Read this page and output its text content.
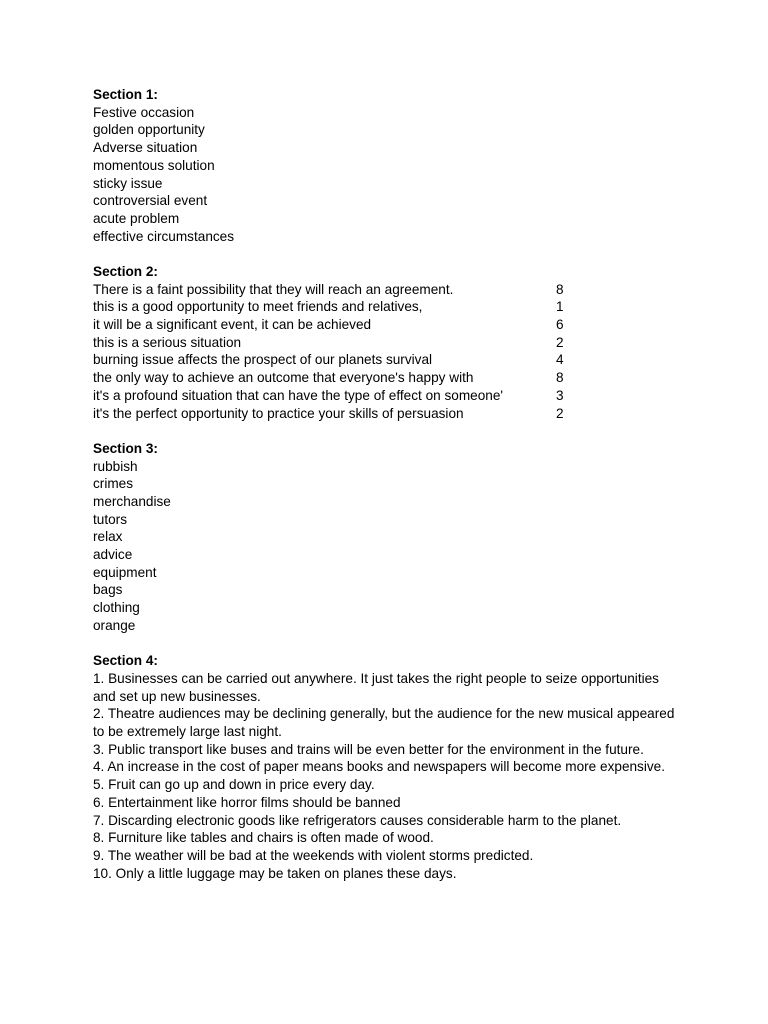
Section 1:
Festive occasion
golden opportunity
Adverse situation
momentous solution
sticky issue
controversial event
acute problem
effective circumstances
Section 2:
There is a faint possibility that they will reach an agreement.	8
this is a good opportunity to meet friends and relatives,	1
it will be a significant event, it can be achieved	6
this is a serious situation	2
burning issue affects the prospect of our planets survival	4
the only way to achieve an outcome that everyone's happy with	8
it's a profound situation that can have the type of effect on someone'	3
it's the perfect opportunity to practice your skills of persuasion	2
Section 3:
rubbish
crimes
merchandise
tutors
relax
advice
equipment
bags
clothing
orange
Section 4:
1. Businesses can be carried out anywhere. It just takes the right people to seize opportunities and set up new businesses.
2. Theatre audiences may be declining generally, but the audience for the new musical appeared to be extremely large last night.
3. Public transport like buses and trains will be even better for the environment in the future.
4. An increase in the cost of paper means books and newspapers will become more expensive.
5. Fruit can go up and down in price every day.
6. Entertainment like horror films should be banned
7. Discarding electronic goods like refrigerators causes considerable harm to the planet.
8. Furniture like tables and chairs is often made of wood.
9. The weather will be bad at the weekends with violent storms predicted.
10. Only a little luggage may be taken on planes these days.
